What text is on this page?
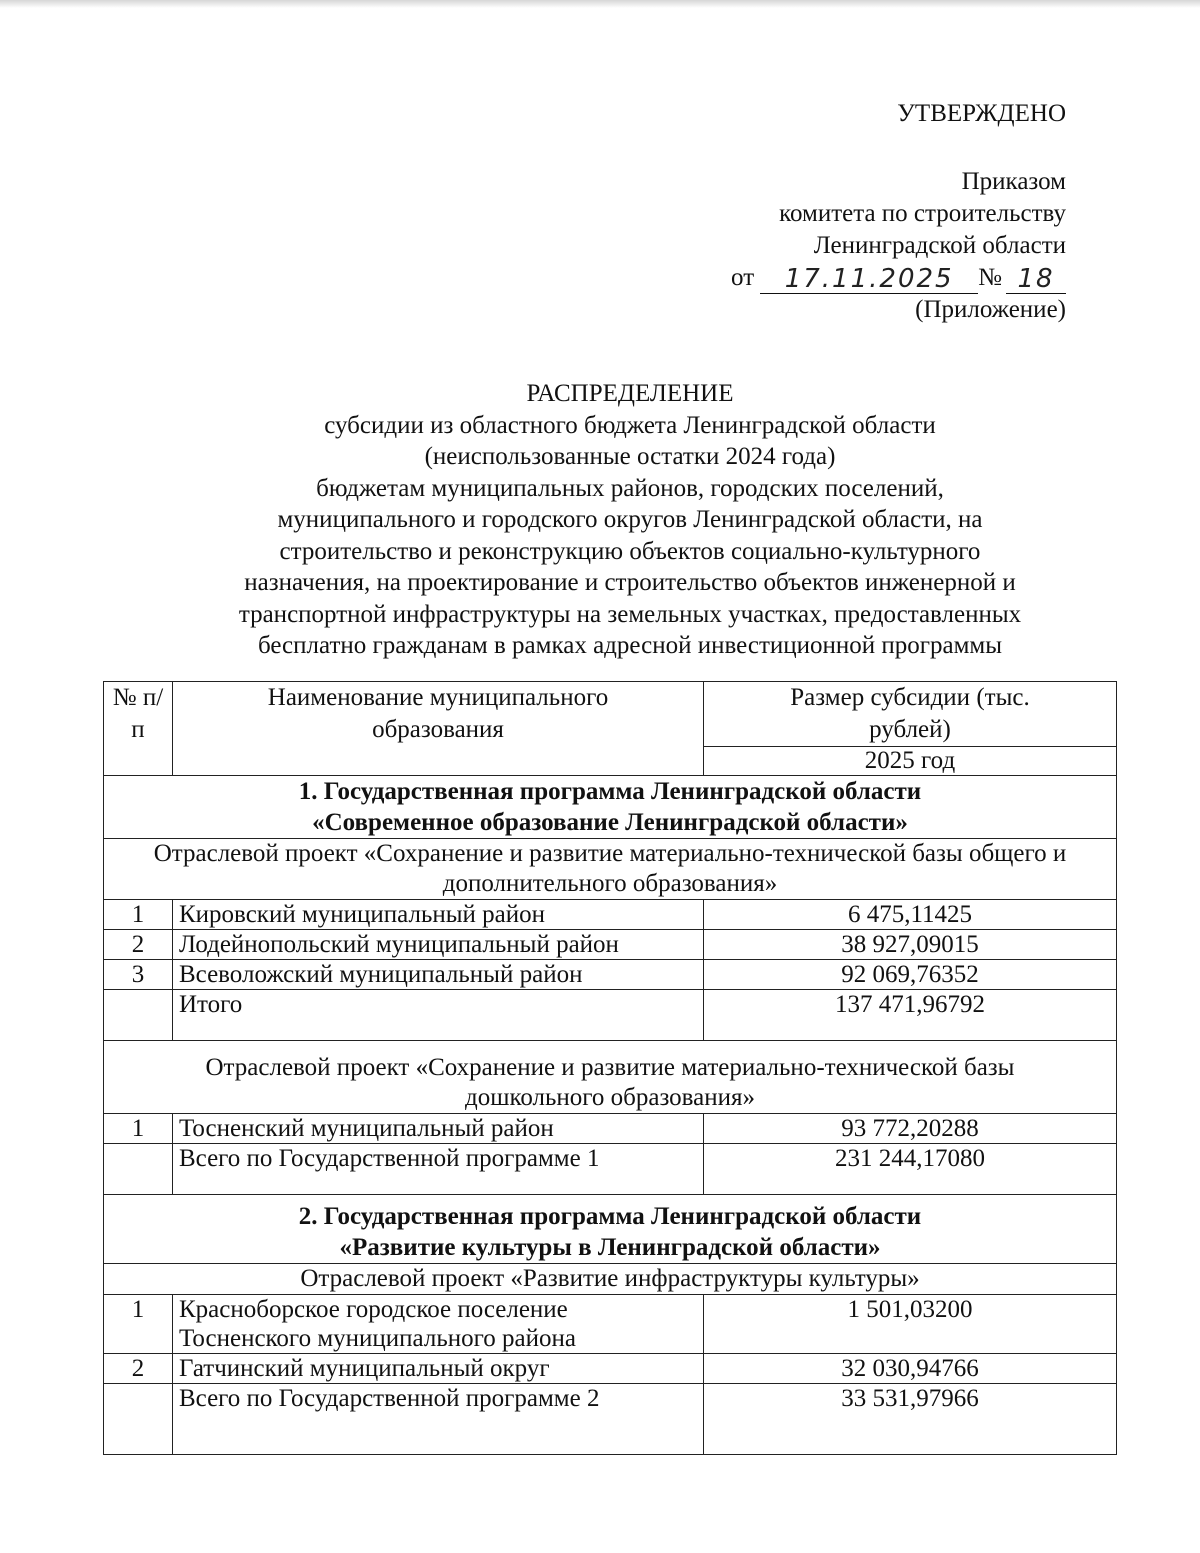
УТВЕРЖДЕНО
Приказом
комитета по строительству
Ленинградской области
от	17.11.2025 № 18
(Приложение)
РАСПРЕДЕЛЕНИЕ
субсидии из областного бюджета Ленинградской области
(неиспользованные остатки 2024 года)
бюджетам муниципальных районов, городских поселений,
муниципального и городского округов Ленинградской области, на
строительство и реконструкцию объектов социально-культурного
назначения, на проектирование и строительство объектов инженерной и
транспортной инфраструктуры на земельных участках, предоставленных
бесплатно гражданам в рамках адресной инвестиционной программы
№ п/п	Наименование муниципального образования	Размер субсидии (тыс. рублей)
		2025 год

1. Государственная программа Ленинградской области
«Современное образование Ленинградской области»		

Отраслевой проект «Сохранение и развитие материально-технической базы общего и дополнительного образования»		
1	Кировский муниципальный район	6 475,11425
2	Лодейнопольский муниципальный район	38 927,09015
3	Всеволожский муниципальный район	92 069,76352
	Итого	137 471,96792
Отраслевой проект «Сохранение и развитие материально-технической базы дошкольного образования»		
1	Тосненский муниципальный район	93 772,20288
	Всего по Государственной программе 1	231 244,17080

2. Государственная программа Ленинградской области
«Развитие культуры в Ленинградской области»		

Отраслевой проект «Развитие инфраструктуры культуры»		
1	Красноборское городское поселение Тосненского муниципального района	1 501,03200
2	Гатчинский муниципальный округ	32 030,94766
	Всего по Государственной программе 2	33 531,97966
